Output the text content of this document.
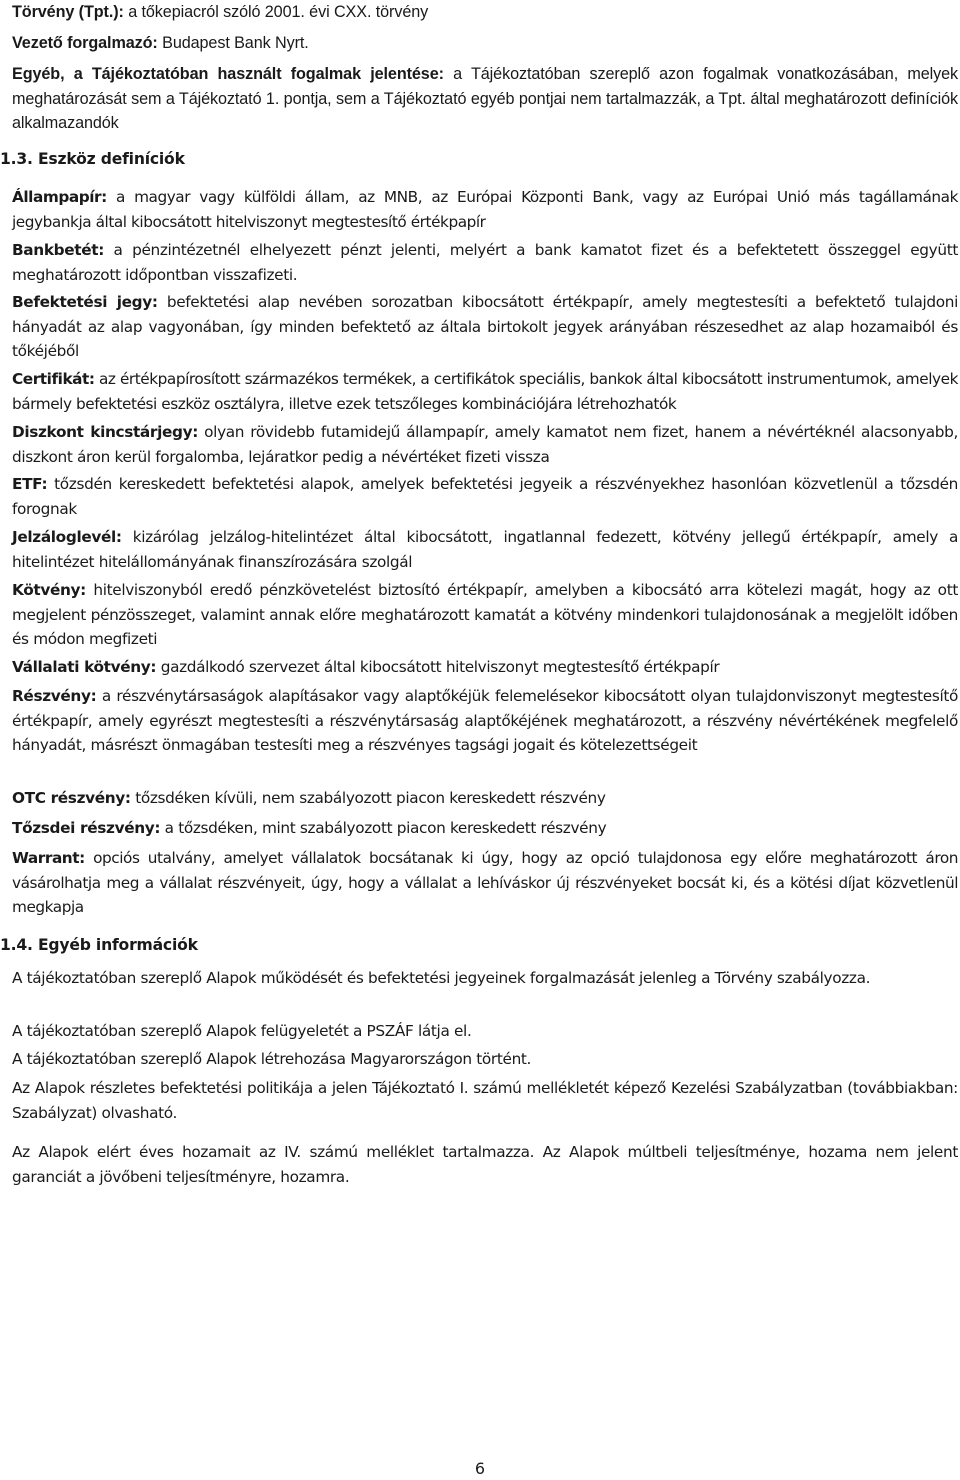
Törvény (Tpt.): a tőkepiacról szóló 2001. évi CXX. törvény

Vezető forgalmazó: Budapest Bank Nyrt.

Egyéb, a Tájékoztatóban használt fogalmak jelentése: a Tájékoztatóban szereplő azon fogalmak vonatkozásában, melyek meghatározását sem a Tájékoztató 1. pontja, sem a Tájékoztató egyéb pontjai nem tartalmazzák, a Tpt. által meghatározott definíciók alkalmazandók

1.3. Eszköz definíciók

Állampapír: a magyar vagy külföldi állam, az MNB, az Európai Központi Bank, vagy az Európai Unió más tagállamának jegybankja által kibocsátott hitelviszonyt megtestesítő értékpapír

Bankbetét: a pénzintézetnél elhelyezett pénzt jelenti, melyért a bank kamatot fizet és a befektetett összeggel együtt meghatározott időpontban visszafizeti.

Befektetési jegy: befektetési alap nevében sorozatban kibocsátott értékpapír, amely megtestesíti a befektető tulajdoni hányadát az alap vagyonában, így minden befektető az általa birtokolt jegyek arányában részesedhet az alap hozamaiból és tőkéjéből

Certifikát: az értékpapírosított származékos termékek, a certifikátok speciális, bankok által kibocsátott instrumentumok, amelyek bármely befektetési eszköz osztályra, illetve ezek tetszőleges kombinációjára létrehozhatók

Diszkont kincstárjegy: olyan rövidebb futamidejű állampapír, amely kamatot nem fizet, hanem a névértéknél alacsonyabb, diszkont áron kerül forgalomba, lejáratkor pedig a névértéket fizeti vissza

ETF: tőzsdén kereskedett befektetési alapok, amelyek befektetési jegyeik a részvényekhez hasonlóan közvetlenül a tőzsdén forognak

Jelzáloglevél: kizárólag jelzálog-hitelintézet által kibocsátott, ingatlannal fedezett, kötvény jellegű értékpapír, amely a hitelintézet hitelállományának finanszírozására szolgál

Kötvény: hitelviszonyból eredő pénzkövetelést biztosító értékpapír, amelyben a kibocsátó arra kötelezi magát, hogy az ott megjelent pénzösszeget, valamint annak előre meghatározott kamatát a kötvény mindenkori tulajdonosának a megjelölt időben és módon megfizeti

Vállalati kötvény: gazdálkodó szervezet által kibocsátott hitelviszonyt megtestesítő értékpapír

Részvény: a részvénytársaságok alapításakor vagy alaptőkéjük felemelésekor kibocsátott olyan tulajdonviszonyt megtestesítő értékpapír, amely egyrészt megtestesíti a részvénytársaság alaptőkéjének meghatározott, a részvény névértékének megfelelő hányadát, másrészt önmagában testesíti meg a részvényes tagsági jogait és kötelezettségeit

OTC részvény: tőzsdéken kívüli, nem szabályozott piacon kereskedett részvény

Tőzsdei részvény: a tőzsdéken, mint szabályozott piacon kereskedett részvény

Warrant: opciós utalvány, amelyet vállalatok bocsátanak ki úgy, hogy az opció tulajdonosa egy előre meghatározott áron vásárolhatja meg a vállalat részvényeit, úgy, hogy a vállalat a lehíváskor új részvényeket bocsát ki, és a kötési díjat közvetlenül megkapja

1.4. Egyéb információk

A tájékoztatóban szereplő Alapok működését és befektetési jegyeinek forgalmazását jelenleg a Törvény szabályozza.

A tájékoztatóban szereplő Alapok felügyeletét a PSZÁF látja el.

A tájékoztatóban szereplő Alapok létrehozása Magyarországon történt.

Az Alapok részletes befektetési politikája a jelen Tájékoztató I. számú mellékletét képező Kezelési Szabályzatban (továbbiakban: Szabályzat) olvasható.

Az Alapok elért éves hozamait az IV. számú melléklet tartalmazza. Az Alapok múltbeli teljesítménye, hozama nem jelent garanciát a jövőbeni teljesítményre, hozamra.

6
